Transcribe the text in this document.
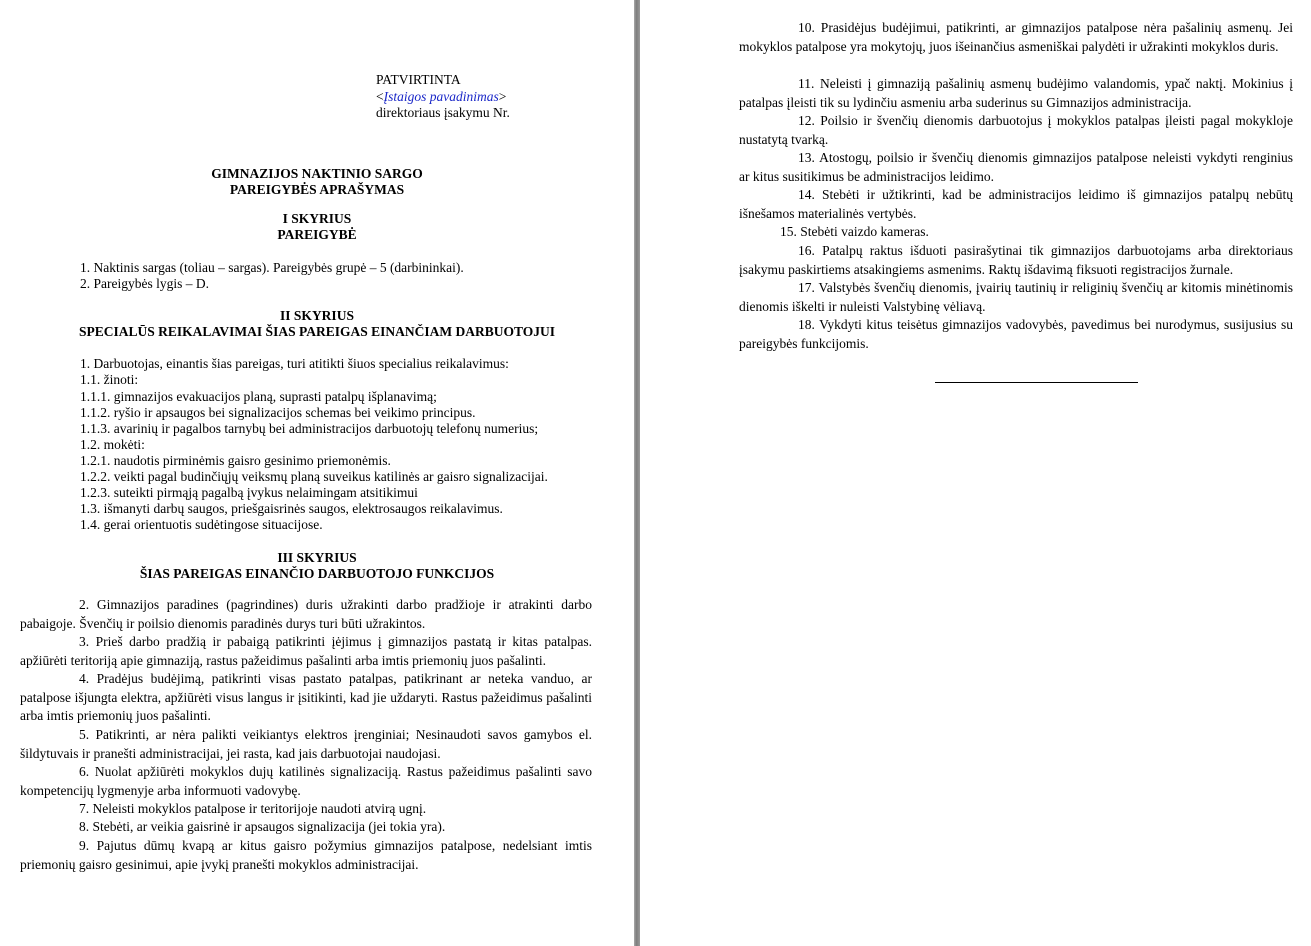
PATVIRTINTA
<Įstaigos pavadinimas>
direktoriaus įsakymu Nr.
GIMNAZIJOS NAKTINIO SARGO
PAREIGYBĖS APRAŠYMAS
I SKYRIUS
PAREIGYBĖ
1. Naktinis sargas (toliau – sargas). Pareigybės grupė – 5 (darbininkai).
2. Pareigybės lygis – D.
II SKYRIUS
SPECIALŪS REIKALAVIMAI ŠIAS PAREIGAS EINANČIAM DARBUOTOJUI
1. Darbuotojas, einantis šias pareigas, turi atitikti šiuos specialius reikalavimus:
1.1. žinoti:
1.1.1. gimnazijos evakuacijos planą, suprasti patalpų išplanavimą;
1.1.2. ryšio ir apsaugos bei signalizacijos schemas bei veikimo principus.
1.1.3. avarinių ir pagalbos tarnybų bei administracijos darbuotojų telefonų numerius;
1.2. mokėti:
1.2.1. naudotis pirminėmis gaisro gesinimo priemonėmis.
1.2.2. veikti pagal budinčiųjų veiksmų planą suveikus katilinės ar gaisro signalizacijai.
1.2.3. suteikti pirmąją pagalbą įvykus nelaimingam atsitikimui
1.3. išmanyti darbų saugos, priešgaisrinės saugos, elektrosaugos reikalavimus.
1.4. gerai orientuotis sudėtingose situacijose.
III SKYRIUS
ŠIAS PAREIGAS EINANČIO DARBUOTOJO FUNKCIJOS
2. Gimnazijos paradines (pagrindines) duris užrakinti darbo pradžioje ir atrakinti darbo
pabaigoje. Švenčių ir poilsio dienomis paradinės durys turi būti užrakintos.
3. Prieš darbo pradžią ir pabaigą patikrinti įėjimus į gimnazijos pastatą ir kitas patalpas.
apžiūrėti teritoriją apie gimnaziją, rastus pažeidimus pašalinti arba imtis priemonių juos pašalinti.
4. Pradėjus budėjimą, patikrinti visas pastato patalpas, patikrinant ar neteka vanduo, ar
patalpose išjungta elektra, apžiūrėti visus langus ir įsitikinti, kad jie uždaryti. Rastus pažeidimus pašalinti arba imtis priemonių juos pašalinti.
5. Patikrinti, ar nėra palikti veikiantys elektros įrenginiai; Nesinaudoti savos gamybos el.
šildytuvais ir pranešti administracijai, jei rasta, kad jais darbuotojai naudojasi.
6. Nuolat apžiūrėti mokyklos dujų katilinės signalizaciją. Rastus pažeidimus pašalinti savo
kompetencijų lygmenyje arba informuoti vadovybę.
7. Neleisti mokyklos patalpose ir teritorijoje naudoti atvirą ugnį.
8. Stebėti, ar veikia gaisrinė ir apsaugos signalizacija (jei tokia yra).
9. Pajutus dūmų kvapą ar kitus gaisro požymius gimnazijos patalpose, nedelsiant imtis
priemonių gaisro gesinimui, apie įvykį pranešti mokyklos administracijai.
10. Prasidėjus budėjimui, patikrinti, ar gimnazijos patalpose nėra pašalinių asmenų. Jei
mokyklos patalpose yra mokytojų, juos išeinančius asmeniškai palydėti ir užrakinti mokyklos duris.
11. Neleisti į gimnaziją pašalinių asmenų budėjimo valandomis, ypač naktį. Mokinius į
patalpas įleisti tik su lydinčiu asmeniu arba suderinus su Gimnazijos administracija.
12. Poilsio ir švenčių dienomis darbuotojus į mokyklos patalpas įleisti pagal mokykloje
nustatytą tvarką.
13. Atostogų, poilsio ir švenčių dienomis gimnazijos patalpose neleisti vykdyti renginius
ar kitus susitikimus be administracijos leidimo.
14. Stebėti ir užtikrinti, kad be administracijos leidimo iš gimnazijos patalpų nebūtų
išnešamos materialinės vertybės.
15. Stebėti vaizdo kameras.
16. Patalpų raktus išduoti pasirašytinai tik gimnazijos darbuotojams arba direktoriaus
įsakymu paskirtiems atsakingiems asmenims. Raktų išdavimą fiksuoti registracijos žurnale.
17. Valstybės švenčių dienomis, įvairių tautinių ir religinių švenčių ar kitomis minėtinomis
dienomis iškelti ir nuleisti Valstybinę vėliavą.
18. Vykdyti kitus teisėtus gimnazijos vadovybės, pavedimus bei nurodymus, susijusius su
pareigybės funkcijomis.
